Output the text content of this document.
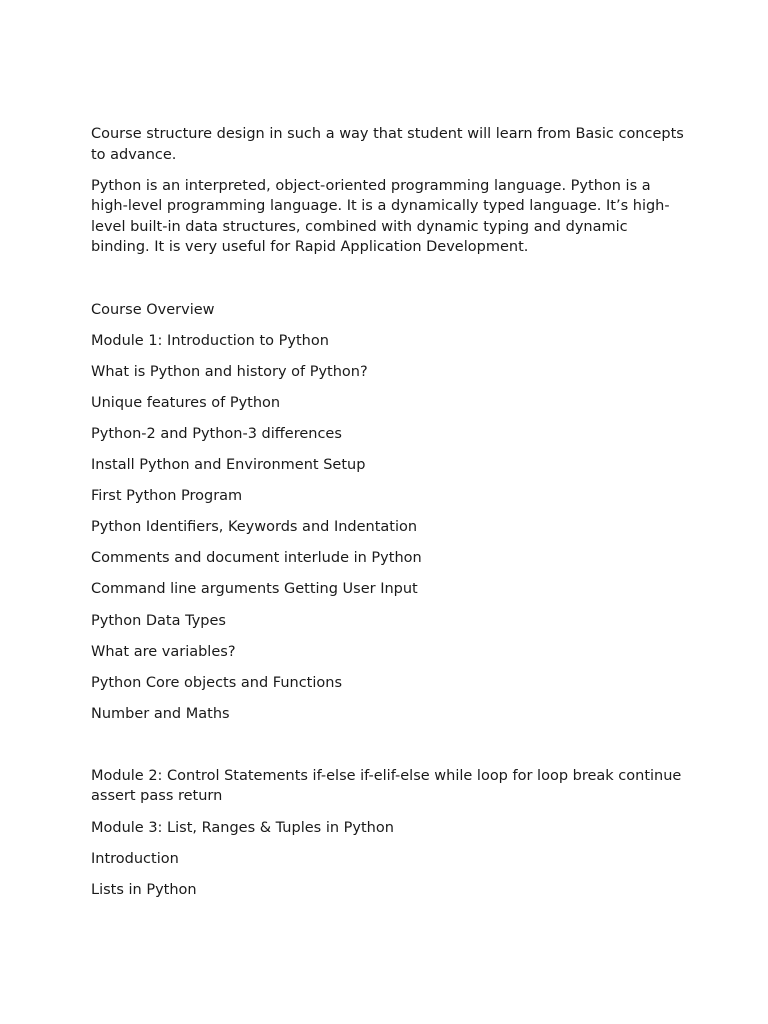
Course structure design in such a way that student will learn from Basic concepts to advance.

Python is an interpreted, object-oriented programming language. Python is a high-level programming language. It is a dynamically typed language. It’s high-level built-in data structures, combined with dynamic typing and dynamic binding. It is very useful for Rapid Application Development.

Course Overview

Module 1: Introduction to Python

What is Python and history of Python?

Unique features of Python

Python-2 and Python-3 differences

Install Python and Environment Setup

First Python Program

Python Identifiers, Keywords and Indentation

Comments and document interlude in Python

Command line arguments Getting User Input

Python Data Types

What are variables?

Python Core objects and Functions

Number and Maths

Module 2: Control Statements if-else if-elif-else while loop for loop break continue assert pass return

Module 3: List, Ranges & Tuples in Python

Introduction

Lists in Python
